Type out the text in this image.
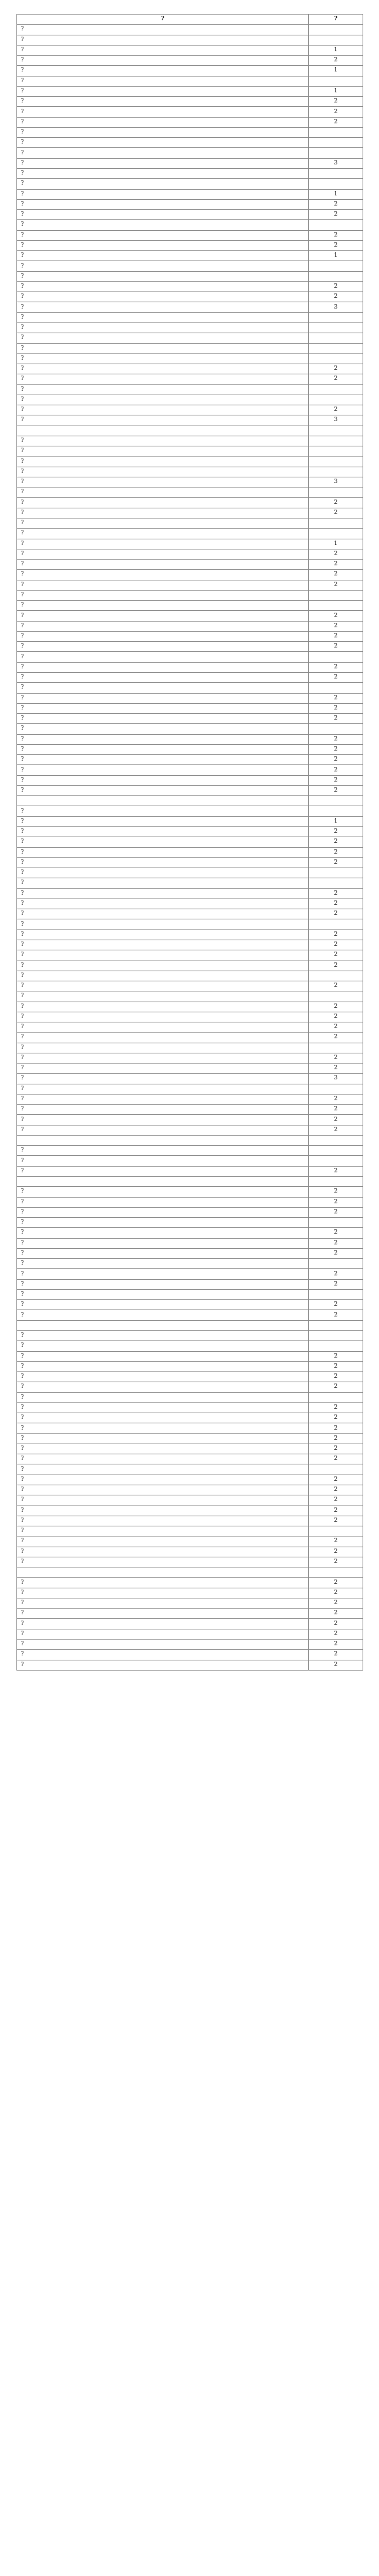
?	?
?	
?	
?	1
?	2
?	1
?	
?	1
?	2
?	2
?	2
?	
?	
?	
?	3
?	
?	
?	1
?	2
?	2
?	
?	2
?	2
?	1
?	
?	
?	2
?	2
?	3
?	
?	
?	
?	
?	
?	2
?	2
?	
?	
?	2
?	3

?	
?	
?	
?	
?	3
?	
?	2
?	2
?	
?	
?	1
?	2
?	2
?	2
?	2
?	
?	
?	2
?	2
?	2
?	2
?	
?	2
?	2
?	
?	2
?	2
?	2
?	
?	2
?	2
?	2
?	2
?	2
?	2

?	
?	1
?	2
?	2
?	2
?	2
?	
?	
?	2
?	2
?	2
?	
?	2
?	2
?	2
?	2
?	
?	2
?	
?	2
?	2
?	2
?	2
?	
?	2
?	2
?	3
?	
?	2
?	2
?	2
?	2

?	
?	
?	2

?	2
?	2
?	2
?	
?	2
?	2
?	2
?	
?	2
?	2
?	
?	2
?	2

?	
?	
?	2
?	2
?	2
?	2
?	
?	2
?	2
?	2
?	2
?	2
?	2
?	
?	2
?	2
?	2
?	2
?	2
?	
?	2
?	2
?	2

?	2
?	2
?	2
?	2
?	2
?	2
?	2
?	2
?	2
